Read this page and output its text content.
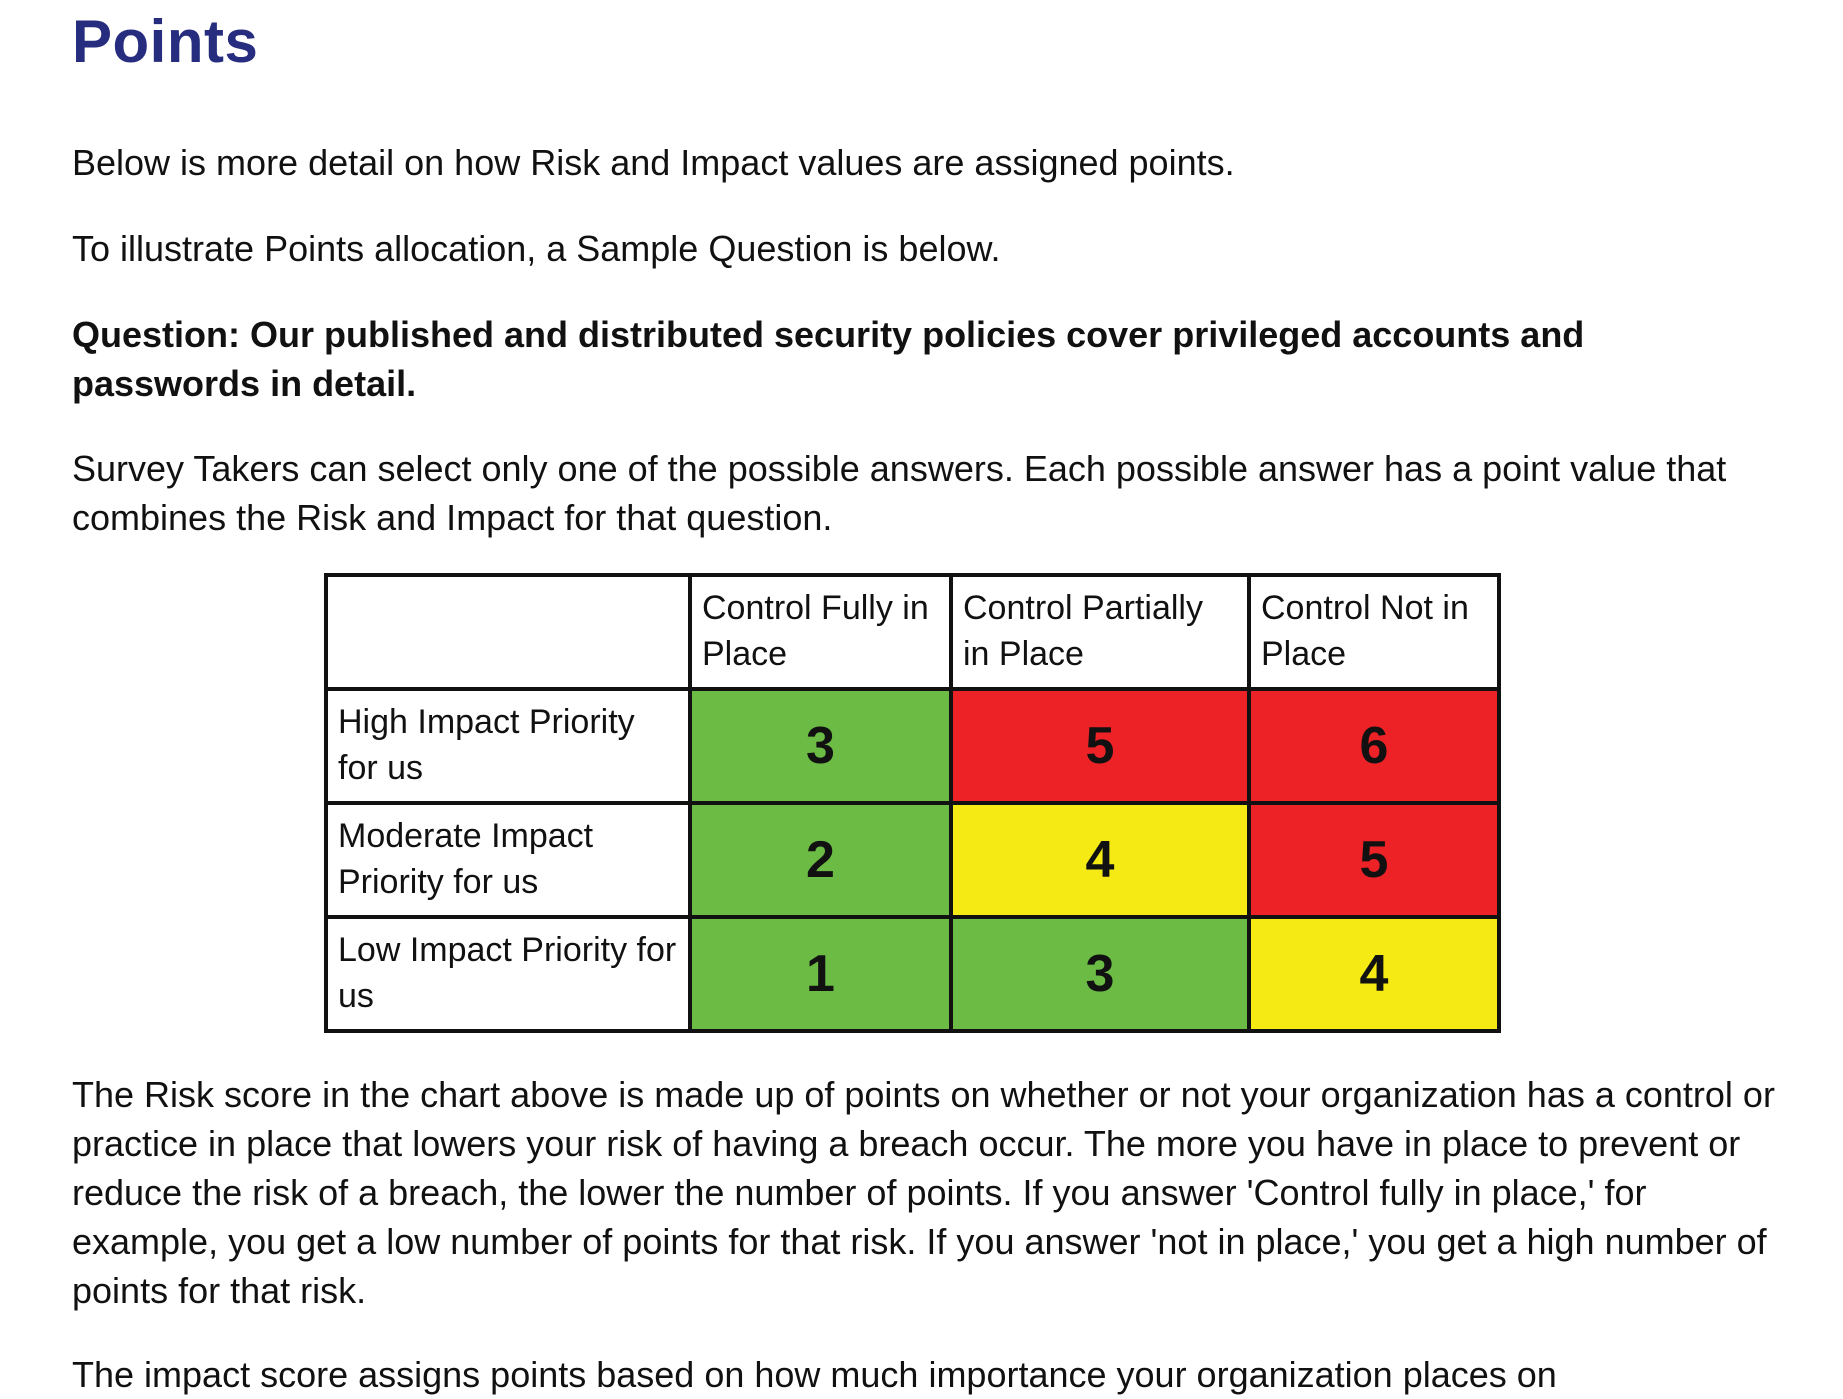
Points

Below is more detail on how Risk and Impact values are assigned points.

To illustrate Points allocation, a Sample Question is below.

Question: Our published and distributed security policies cover privileged accounts and passwords in detail.

Survey Takers can select only one of the possible answers. Each possible answer has a point value that combines the Risk and Impact for that question.

	Control Fully in Place	Control Partially in Place	Control Not in Place
High Impact Priority for us	3	5	6
Moderate Impact Priority for us	2	4	5
Low Impact Priority for us	1	3	4

The Risk score in the chart above is made up of points on whether or not your organization has a control or practice in place that lowers your risk of having a breach occur. The more you have in place to prevent or reduce the risk of a breach, the lower the number of points. If you answer 'Control fully in place,' for example, you get a low number of points for that risk. If you answer 'not in place,' you get a high number of points for that risk.

The impact score assigns points based on how much importance your organization places on
